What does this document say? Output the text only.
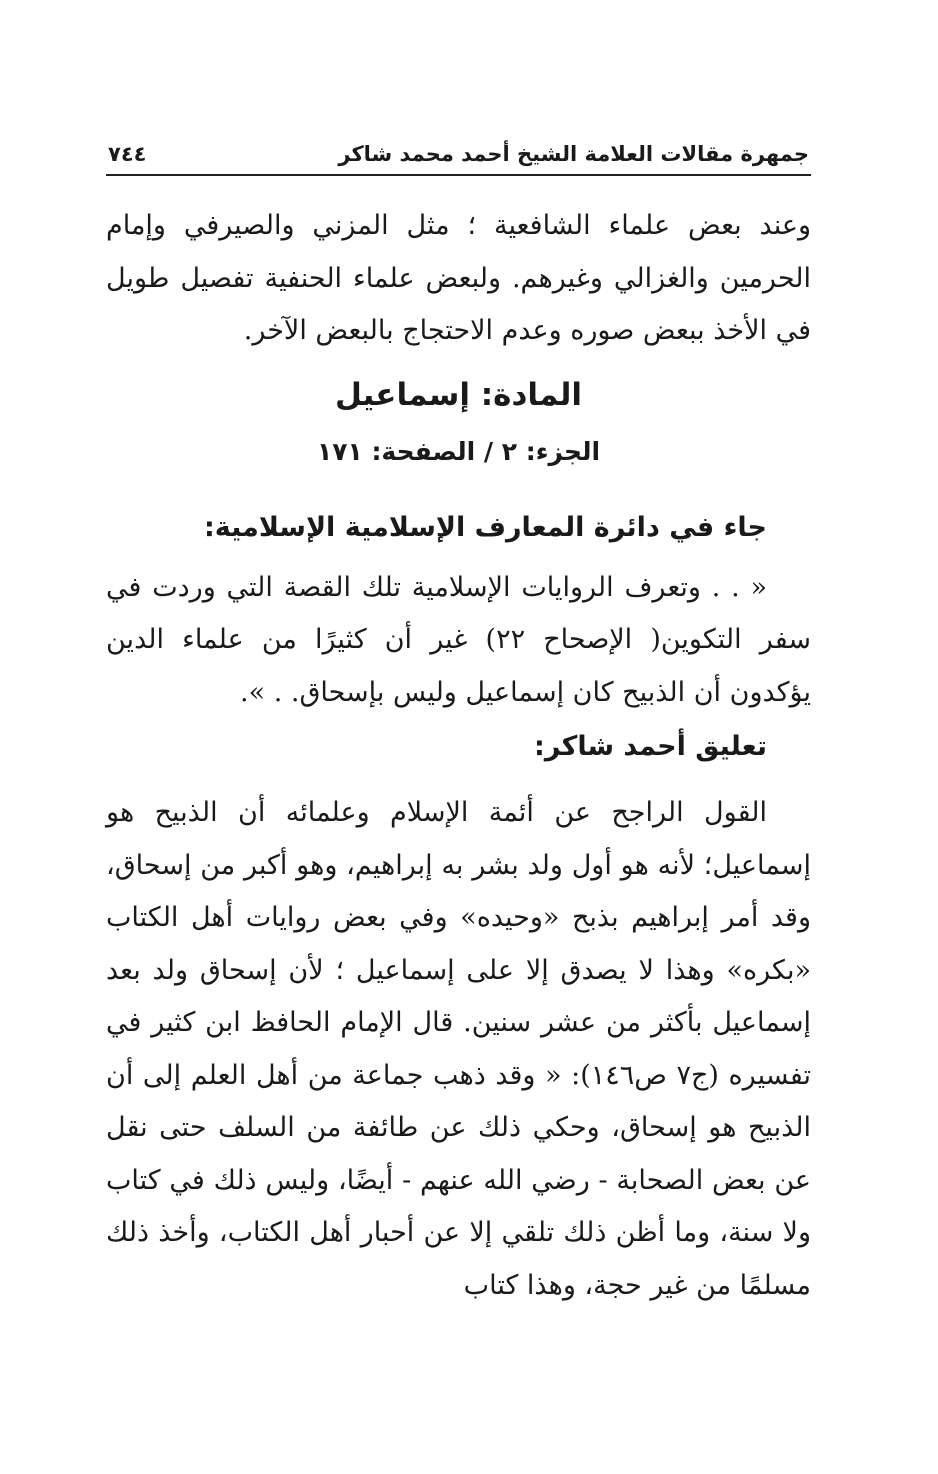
جمهرة مقالات العلامة الشيخ أحمد محمد شاكر
٧٤٤

وعند بعض علماء الشافعية ؛ مثل المزني والصيرفي وإمام الحرمين والغزالي وغيرهم. ولبعض علماء الحنفية تفصيل طويل في الأخذ ببعض صوره وعدم الاحتجاج بالبعض الآخر.

المادة: إسماعيل
الجزء: ٢ / الصفحة: ١٧١
جاء في دائرة المعارف الإسلامية الإسلامية:

« . . وتعرف الروايات الإسلامية تلك القصة التي وردت في سفر التكوين( الإصحاح ٢٢) غير أن كثيرًا من علماء الدين يؤكدون أن الذبيح كان إسماعيل وليس بإسحاق. . ».

تعليق أحمد شاكر:

القول الراجح عن أئمة الإسلام وعلمائه أن الذبيح هو إسماعيل؛ لأنه هو أول ولد بشر به إبراهيم، وهو أكبر من إسحاق، وقد أمر إبراهيم بذبح «وحيده» وفي بعض روايات أهل الكتاب «بكره» وهذا لا يصدق إلا على إسماعيل ؛ لأن إسحاق ولد بعد إسماعيل بأكثر من عشر سنين. قال الإمام الحافظ ابن كثير في تفسيره (ج٧ ص١٤٦): « وقد ذهب جماعة من أهل العلم إلى أن الذبيح هو إسحاق، وحكي ذلك عن طائفة من السلف حتى نقل عن بعض الصحابة - رضي الله عنهم - أيضًا، وليس ذلك في كتاب ولا سنة، وما أظن ذلك تلقي إلا عن أحبار أهل الكتاب، وأخذ ذلك مسلمًا من غير حجة، وهذا كتاب
